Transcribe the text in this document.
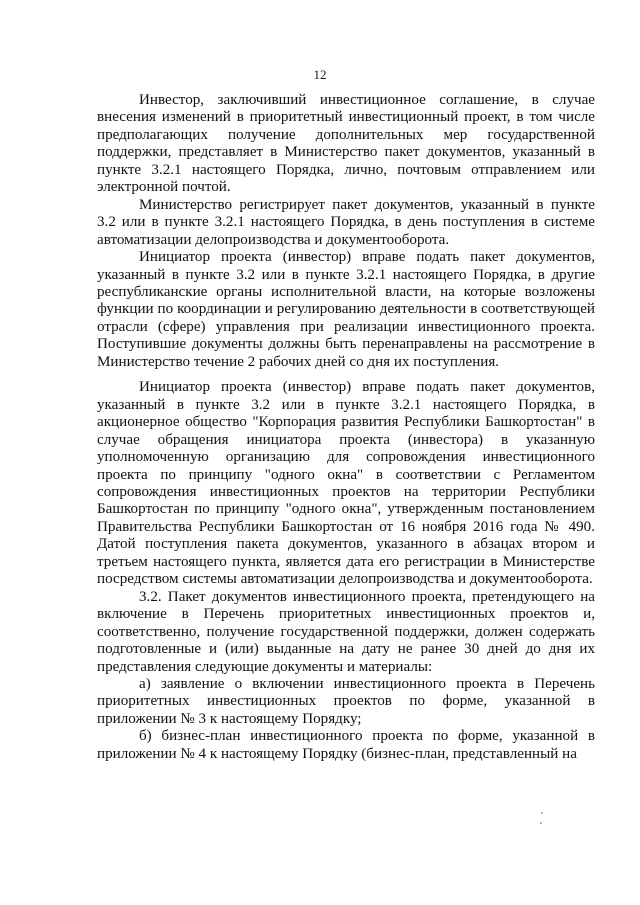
12

Инвестор, заключивший инвестиционное соглашение, в случае внесения изменений в приоритетный инвестиционный проект, в том числе предполагающих получение дополнительных мер государственной поддержки, представляет в Министерство пакет документов, указанный в пункте 3.2.1 настоящего Порядка, лично, почтовым отправлением или электронной почтой.

Министерство регистрирует пакет документов, указанный в пункте 3.2 или в пункте 3.2.1 настоящего Порядка, в день поступления в системе автоматизации делопроизводства и документооборота.

Инициатор проекта (инвестор) вправе подать пакет документов, указанный в пункте 3.2 или в пункте 3.2.1 настоящего Порядка, в другие республиканские органы исполнительной власти, на которые возложены функции по координации и регулированию деятельности в соответствующей отрасли (сфере) управления при реализации инвестиционного проекта. Поступившие документы должны быть перенаправлены на рассмотрение в Министерство течение 2 рабочих дней со дня их поступления.

Инициатор проекта (инвестор) вправе подать пакет документов, указанный в пункте 3.2 или в пункте 3.2.1 настоящего Порядка, в акционерное общество "Корпорация развития Республики Башкортостан" в случае обращения инициатора проекта (инвестора) в указанную уполномоченную организацию для сопровождения инвестиционного проекта по принципу "одного окна" в соответствии с Регламентом сопровождения инвестиционных проектов на территории Республики Башкортостан по принципу "одного окна", утвержденным постановлением Правительства Республики Башкортостан от 16 ноября 2016 года № 490. Датой поступления пакета документов, указанного в абзацах втором и третьем настоящего пункта, является дата его регистрации в Министерстве посредством системы автоматизации делопроизводства и документооборота.

3.2. Пакет документов инвестиционного проекта, претендующего на включение в Перечень приоритетных инвестиционных проектов и, соответственно, получение государственной поддержки, должен содержать подготовленные и (или) выданные на дату не ранее 30 дней до дня их представления следующие документы и материалы:

а) заявление о включении инвестиционного проекта в Перечень приоритетных инвестиционных проектов по форме, указанной в приложении № 3 к настоящему Порядку;

б) бизнес-план инвестиционного проекта по форме, указанной в приложении № 4 к настоящему Порядку (бизнес-план, представленный на
